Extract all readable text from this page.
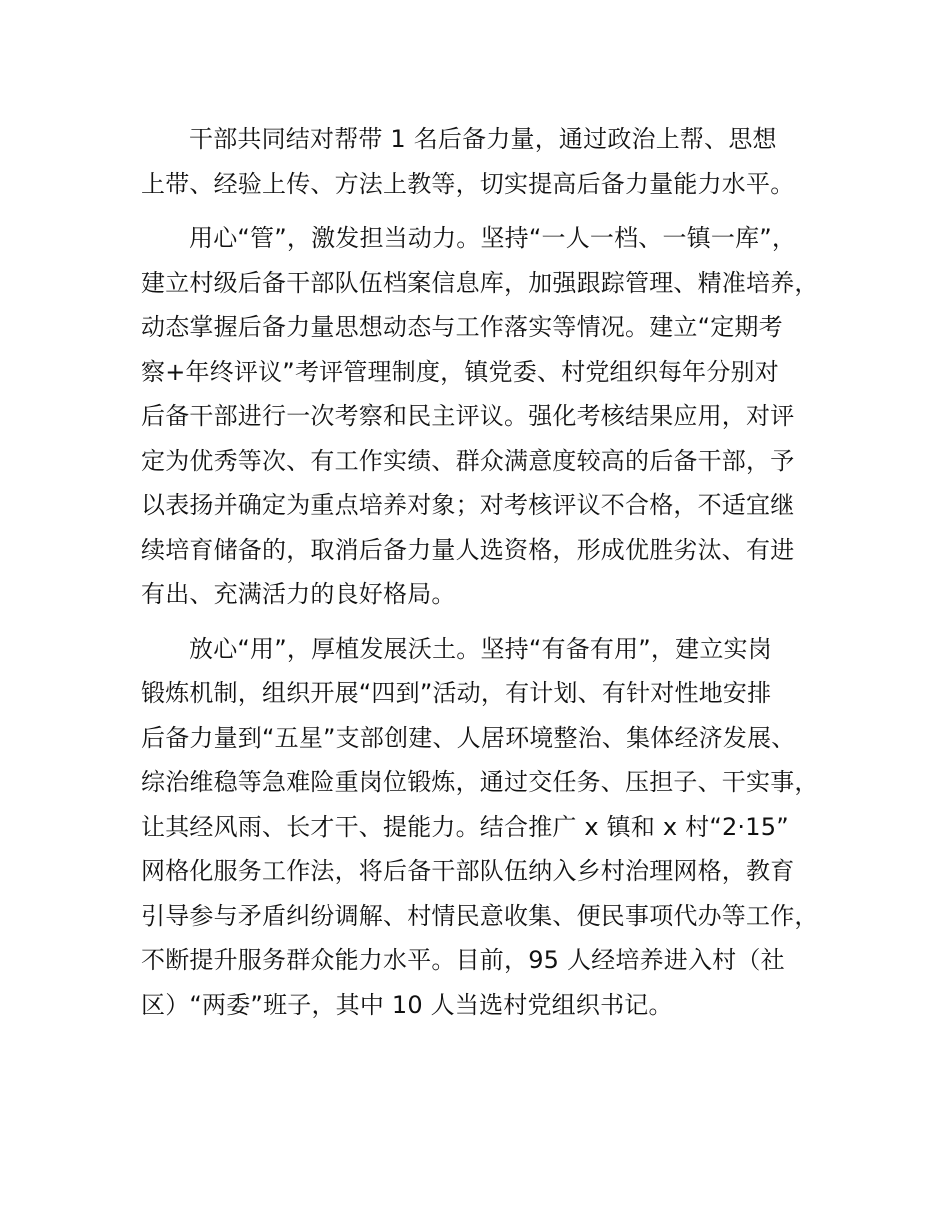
干部共同结对帮带 1 名后备力量，通过政治上帮、思想
上带、经验上传、方法上教等，切实提高后备力量能力水平。
用心“管”，激发担当动力。坚持“一人一档、一镇一库”，
建立村级后备干部队伍档案信息库，加强跟踪管理、精准培养，
动态掌握后备力量思想动态与工作落实等情况。建立“定期考
察+年终评议”考评管理制度，镇党委、村党组织每年分别对
后备干部进行一次考察和民主评议。强化考核结果应用，对评
定为优秀等次、有工作实绩、群众满意度较高的后备干部，予
以表扬并确定为重点培养对象；对考核评议不合格，不适宜继
续培育储备的，取消后备力量人选资格，形成优胜劣汰、有进
有出、充满活力的良好格局。
放心“用”，厚植发展沃土。坚持“有备有用”，建立实岗
锻炼机制，组织开展“四到”活动，有计划、有针对性地安排
后备力量到“五星”支部创建、人居环境整治、集体经济发展、
综治维稳等急难险重岗位锻炼，通过交任务、压担子、干实事，
让其经风雨、长才干、提能力。结合推广 x 镇和 x 村“2·15”
网格化服务工作法，将后备干部队伍纳入乡村治理网格，教育
引导参与矛盾纠纷调解、村情民意收集、便民事项代办等工作，
不断提升服务群众能力水平。目前，95 人经培养进入村（社
区）“两委”班子，其中 10 人当选村党组织书记。
